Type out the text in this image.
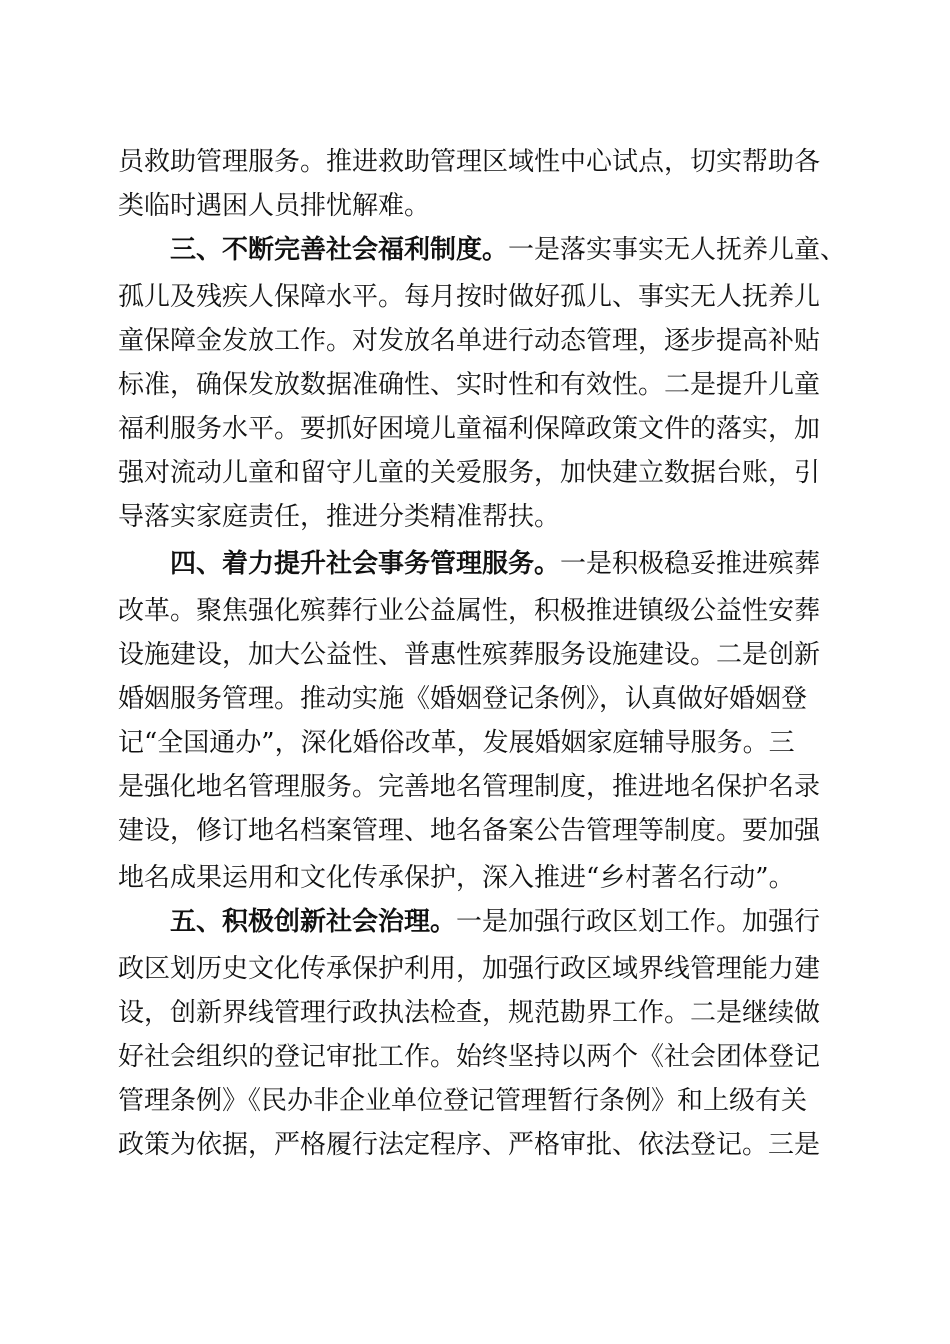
员救助管理服务。推进救助管理区域性中心试点，切实帮助各
类临时遇困人员排忧解难。
三、不断完善社会福利制度。一是落实事实无人抚养儿童、
孤儿及残疾人保障水平。每月按时做好孤儿、事实无人抚养儿
童保障金发放工作。对发放名单进行动态管理，逐步提高补贴
标准，确保发放数据准确性、实时性和有效性。二是提升儿童
福利服务水平。要抓好困境儿童福利保障政策文件的落实，加
强对流动儿童和留守儿童的关爱服务，加快建立数据台账，引
导落实家庭责任，推进分类精准帮扶。
四、着力提升社会事务管理服务。一是积极稳妥推进殡葬
改革。聚焦强化殡葬行业公益属性，积极推进镇级公益性安葬
设施建设，加大公益性、普惠性殡葬服务设施建设。二是创新
婚姻服务管理。推动实施《婚姻登记条例》，认真做好婚姻登
记“全国通办”，深化婚俗改革，发展婚姻家庭辅导服务。三
是强化地名管理服务。完善地名管理制度，推进地名保护名录
建设，修订地名档案管理、地名备案公告管理等制度。要加强
地名成果运用和文化传承保护，深入推进“乡村著名行动”。
五、积极创新社会治理。一是加强行政区划工作。加强行
政区划历史文化传承保护利用，加强行政区域界线管理能力建
设，创新界线管理行政执法检查，规范勘界工作。二是继续做
好社会组织的登记审批工作。始终坚持以两个《社会团体登记
管理条例》《民办非企业单位登记管理暂行条例》和上级有关
政策为依据，严格履行法定程序、严格审批、依法登记。三是
